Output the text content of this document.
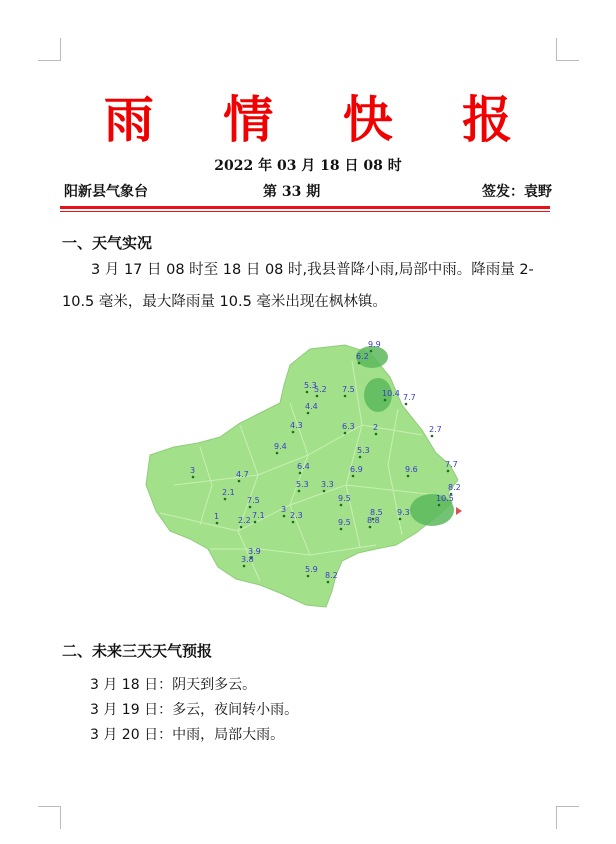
雨 情 快 报
2022 年 03 月 18 日 08 时
阳新县气象台	第 33 期	签发：袁野
一、天气实况
3 月 17 日 08 时至 18 日 08 时,我县普降小雨,局部中雨。降雨量 2-10.5 毫米，最大降雨量 10.5 毫米出现在枫林镇。
9.9
6.2
5.3
5.2 7.5	10.4 7.7
4.4
4.3	6.3 2	2.7
9.4	5.3
6.4	6.9	9.6
7.7
3	4.7
5.3 3.3	8.2
2.1
7.5	9.5	10.5
3	8.5 9.3
1 2.2
7.1	2.3
8.8
9.5
3.9
3.8
5.9
8.2
二、未来三天天气预报
3 月 18 日：阴天到多云。
3 月 19 日：多云，夜间转小雨。
3 月 20 日：中雨，局部大雨。
